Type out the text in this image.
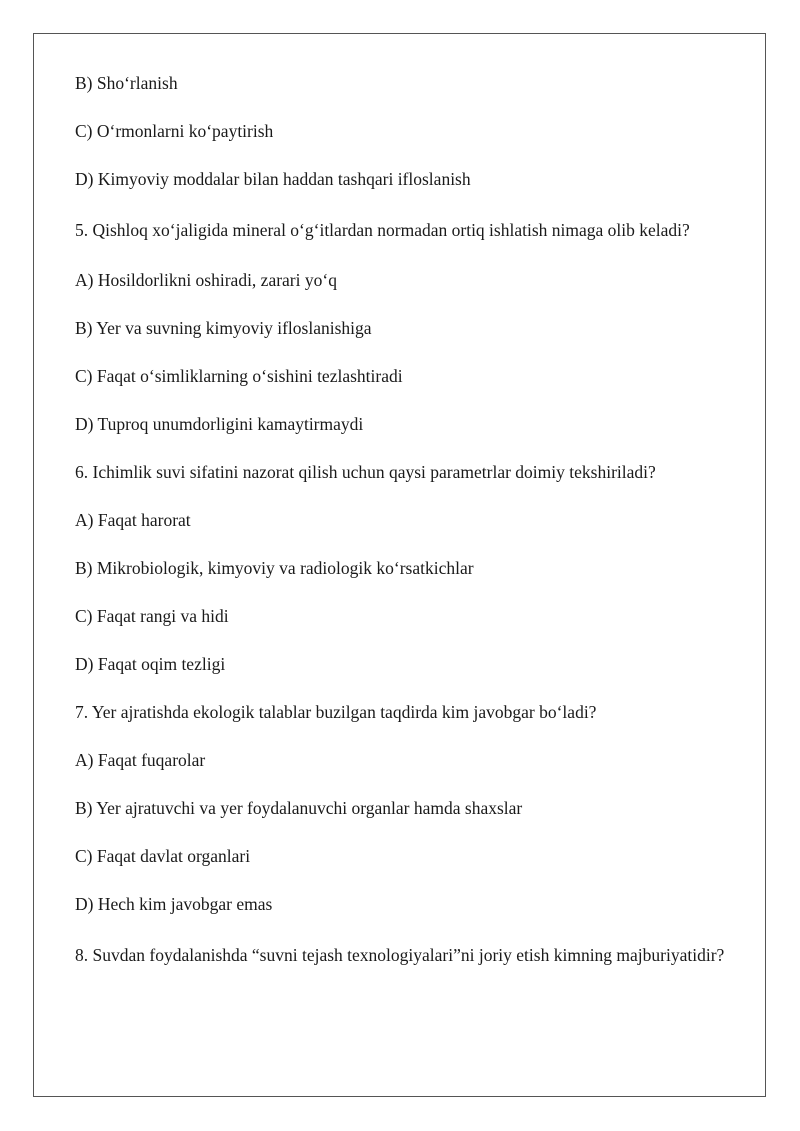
B) Sho‘rlanish

C) O‘rmonlarni ko‘paytirish

D) Kimyoviy moddalar bilan haddan tashqari ifloslanish

5. Qishloq xo‘jaligida mineral o‘g‘itlardan normadan ortiq ishlatish nimaga olib keladi?

A) Hosildorlikni oshiradi, zarari yo‘q

B) Yer va suvning kimyoviy ifloslanishiga

C) Faqat o‘simliklarning o‘sishini tezlashtiradi

D) Tuproq unumdorligini kamaytirmaydi

6. Ichimlik suvi sifatini nazorat qilish uchun qaysi parametrlar doimiy tekshiriladi?

A) Faqat harorat

B) Mikrobiologik, kimyoviy va radiologik ko‘rsatkichlar

C) Faqat rangi va hidi

D) Faqat oqim tezligi

7. Yer ajratishda ekologik talablar buzilgan taqdirda kim javobgar bo‘ladi?

A) Faqat fuqarolar

B) Yer ajratuvchi va yer foydalanuvchi organlar hamda shaxslar

C) Faqat davlat organlari

D) Hech kim javobgar emas

8. Suvdan foydalanishda “suvni tejash texnologiyalari”ni joriy etish kimning majburiyatidir?
